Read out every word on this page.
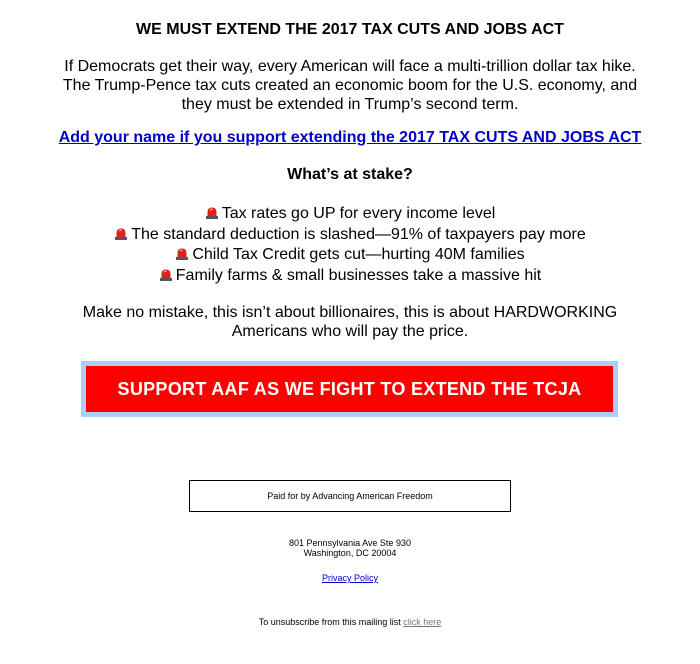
WE MUST EXTEND THE 2017 TAX CUTS AND JOBS ACT
If Democrats get their way, every American will face a multi-trillion dollar tax hike.
The Trump-Pence tax cuts created an economic boom for the U.S. economy, and
they must be extended in Trump’s second term.
Add your name if you support extending the 2017 TAX CUTS AND JOBS ACT
What’s at stake?
Tax rates go UP for every income level
The standard deduction is slashed—91% of taxpayers pay more
Child Tax Credit gets cut—hurting 40M families
Family farms & small businesses take a massive hit
Make no mistake, this isn’t about billionaires, this is about HARDWORKING
Americans who will pay the price.
SUPPORT AAF AS WE FIGHT TO EXTEND THE TCJA
Paid for by Advancing American Freedom
801 Pennsylvania Ave Ste 930
Washington, DC 20004
Privacy Policy
To unsubscribe from this mailing list click here
